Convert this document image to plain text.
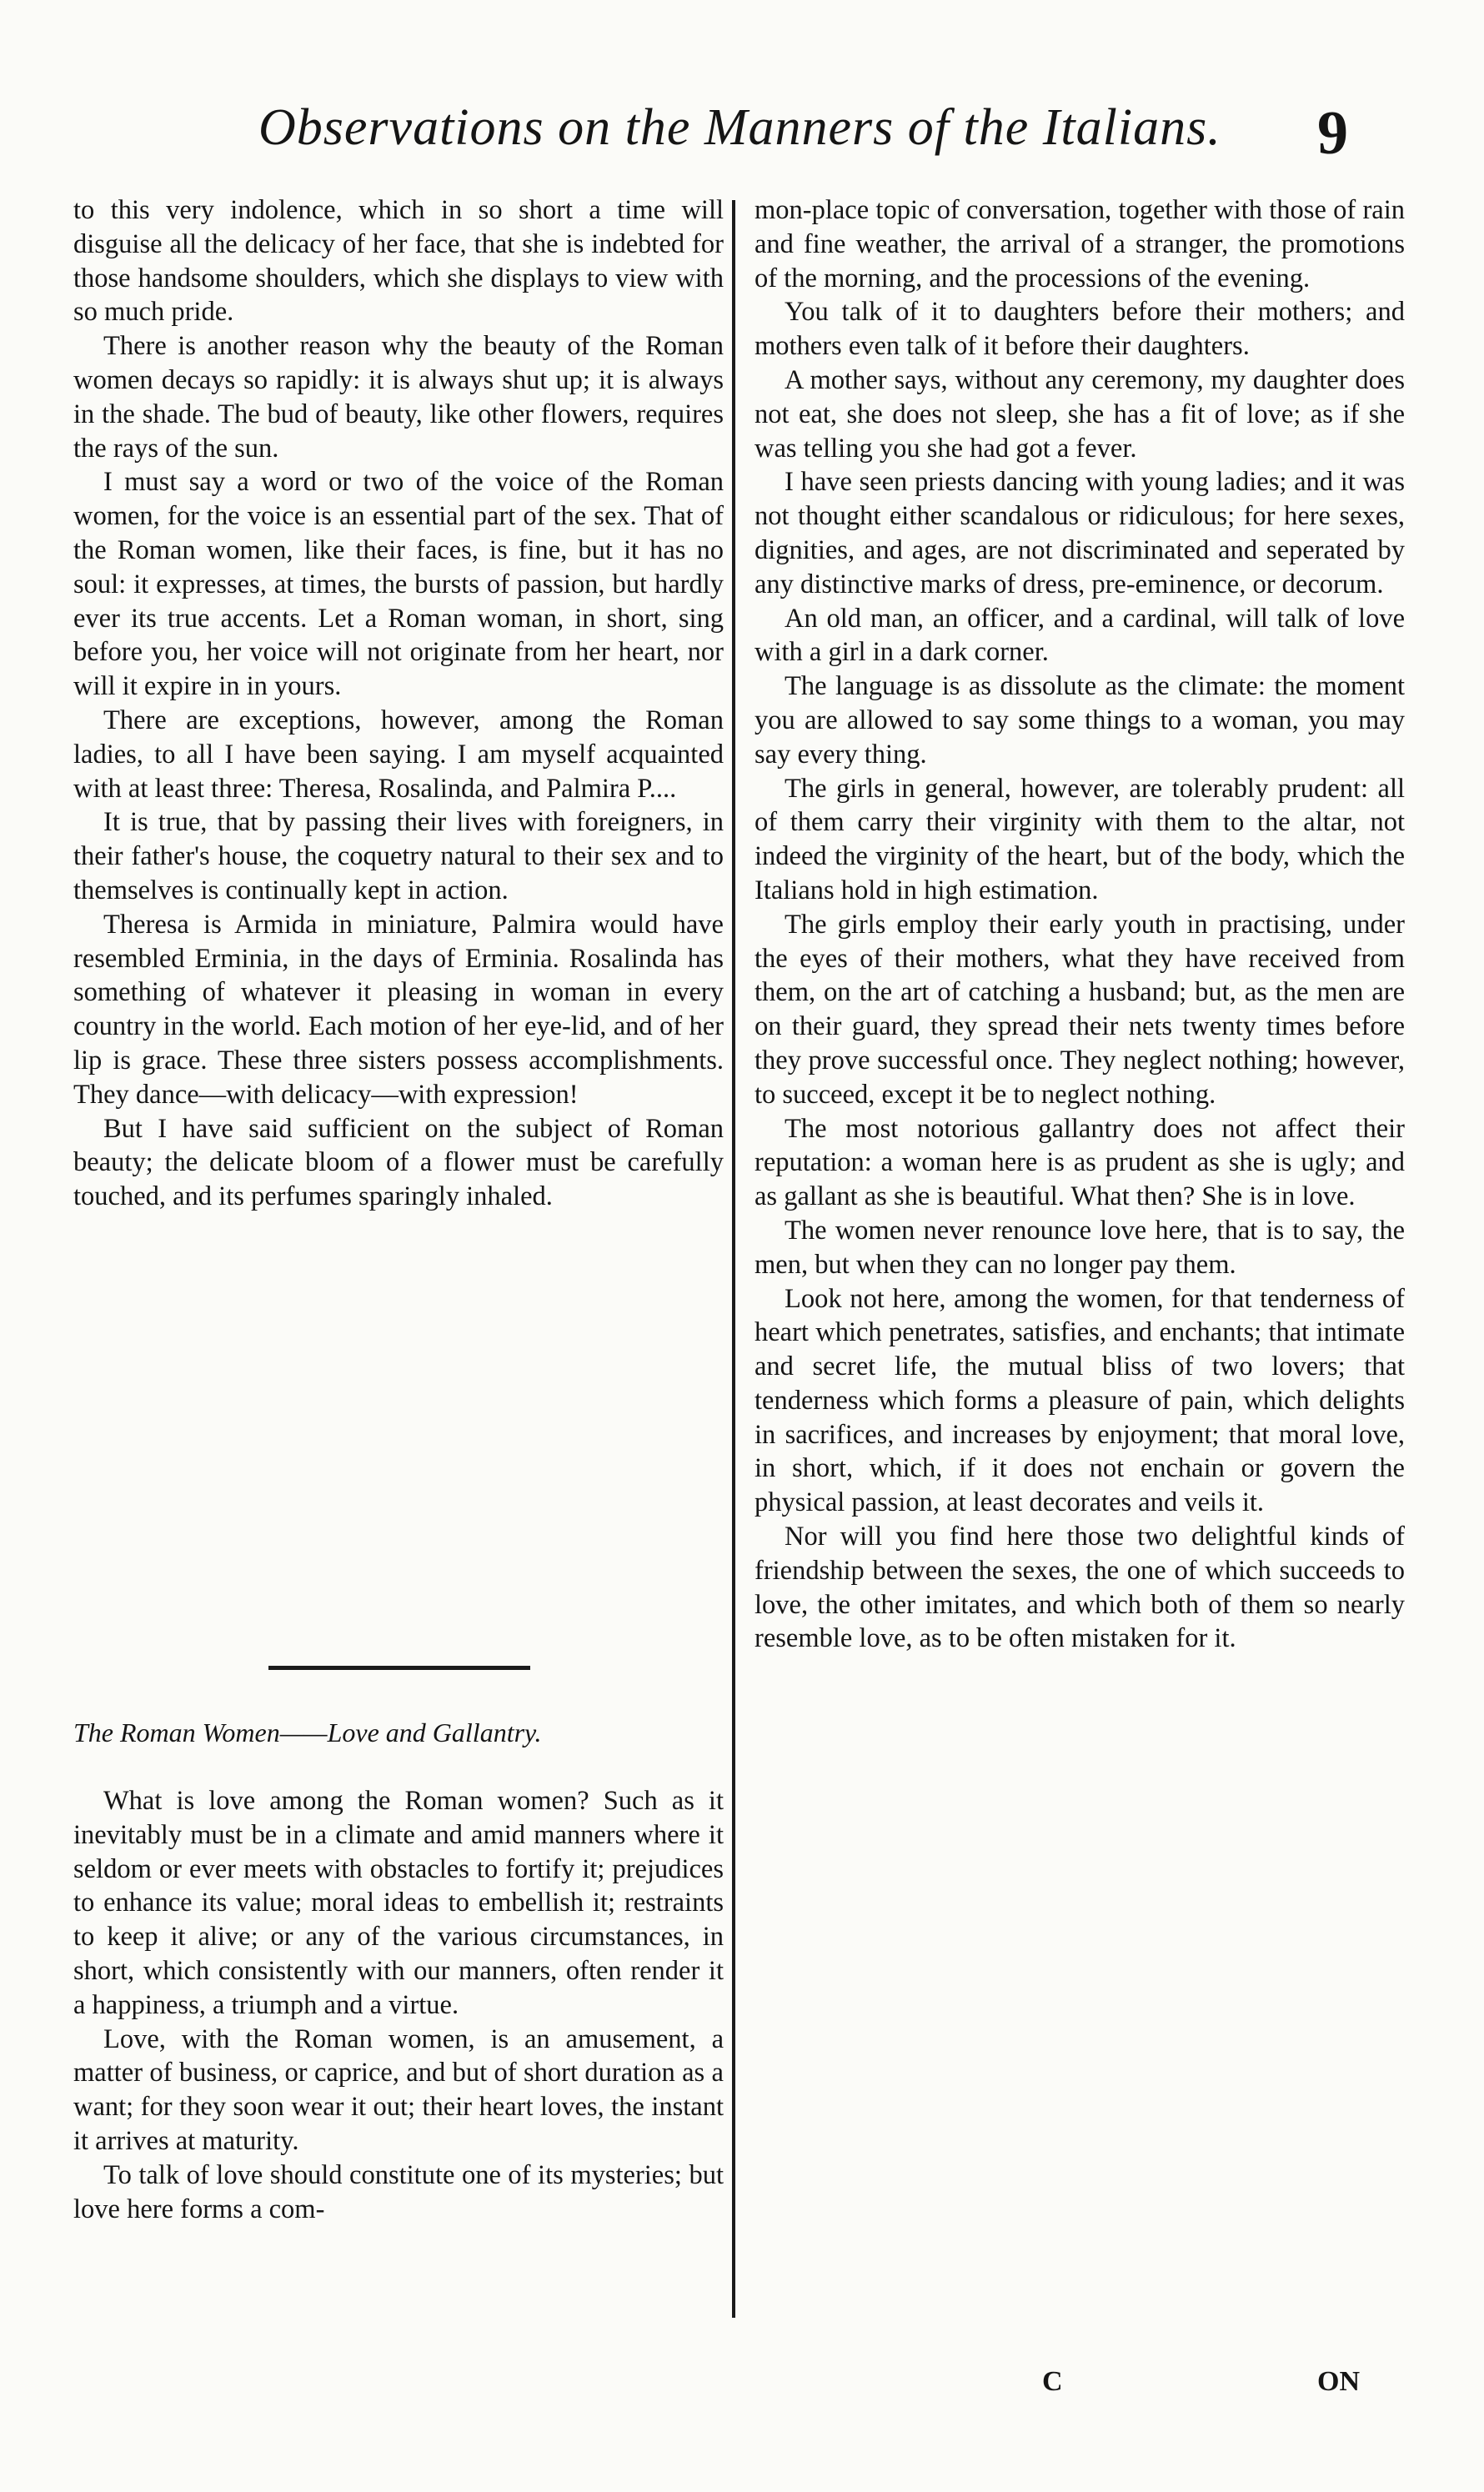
Observations on the Manners of the Italians.	9

to this very indolence, which in so short a time will disguise all the delicacy of her face, that she is indebted for those handsome shoulders, which she displays to view with so much pride.

There is another reason why the beauty of the Roman women decays so rapidly: it is always shut up; it is always in the shade. The bud of beauty, like other flowers, requires the rays of the sun.

I must say a word or two of the voice of the Roman women, for the voice is an essential part of the sex. That of the Roman women, like their faces, is fine, but it has no soul: it expresses, at times, the bursts of passion, but hardly ever its true accents. Let a Roman woman, in short, sing before you, her voice will not originate from her heart, nor will it expire in in yours.

There are exceptions, however, among the Roman ladies, to all I have been saying. I am myself acquainted with at least three: Theresa, Rosalinda, and Palmira P....

It is true, that by passing their lives with foreigners, in their father's house, the coquetry natural to their sex and to themselves is continually kept in action.

Theresa is Armida in miniature, Palmira would have resembled Erminia, in the days of Erminia. Rosalinda has something of whatever it pleasing in woman in every country in the world. Each motion of her eye-lid, and of her lip is grace. These three sisters possess accomplishments. They dance—with delicacy—with expression!

But I have said sufficient on the subject of Roman beauty; the delicate bloom of a flower must be carefully touched, and its perfumes sparingly inhaled.

The Roman Women——Love and Gallantry.

What is love among the Roman women? Such as it inevitably must be in a climate and amid manners where it seldom or ever meets with obstacles to fortify it; prejudices to enhance its value; moral ideas to embellish it; restraints to keep it alive; or any of the various circumstances, in short, which consistently with our manners, often render it a happiness, a triumph and a virtue.

Love, with the Roman women, is an amusement, a matter of business, or caprice, and but of short duration as a want; for they soon wear it out; their heart loves, the instant it arrives at maturity.

To talk of love should constitute one of its mysteries; but love here forms a com-

mon-place topic of conversation, together with those of rain and fine weather, the arrival of a stranger, the promotions of the morning, and the processions of the evening.

You talk of it to daughters before their mothers; and mothers even talk of it before their daughters.

A mother says, without any ceremony, my daughter does not eat, she does not sleep, she has a fit of love; as if she was telling you she had got a fever.

I have seen priests dancing with young ladies; and it was not thought either scandalous or ridiculous; for here sexes, dignities, and ages, are not discriminated and seperated by any distinctive marks of dress, pre-eminence, or decorum.

An old man, an officer, and a cardinal, will talk of love with a girl in a dark corner.

The language is as dissolute as the climate: the moment you are allowed to say some things to a woman, you may say every thing.

The girls in general, however, are tolerably prudent: all of them carry their virginity with them to the altar, not indeed the virginity of the heart, but of the body, which the Italians hold in high estimation.

The girls employ their early youth in practising, under the eyes of their mothers, what they have received from them, on the art of catching a husband; but, as the men are on their guard, they spread their nets twenty times before they prove successful once. They neglect nothing; however, to succeed, except it be to neglect nothing.

The most notorious gallantry does not affect their reputation: a woman here is as prudent as she is ugly; and as gallant as she is beautiful. What then? She is in love.

The women never renounce love here, that is to say, the men, but when they can no longer pay them.

Look not here, among the women, for that tenderness of heart which penetrates, satisfies, and enchants; that intimate and secret life, the mutual bliss of two lovers; that tenderness which forms a pleasure of pain, which delights in sacrifices, and increases by enjoyment; that moral love, in short, which, if it does not enchain or govern the physical passion, at least decorates and veils it.

Nor will you find here those two delightful kinds of friendship between the sexes, the one of which succeeds to love, the other imitates, and which both of them so nearly resemble love, as to be often mistaken for it.

C	ON
